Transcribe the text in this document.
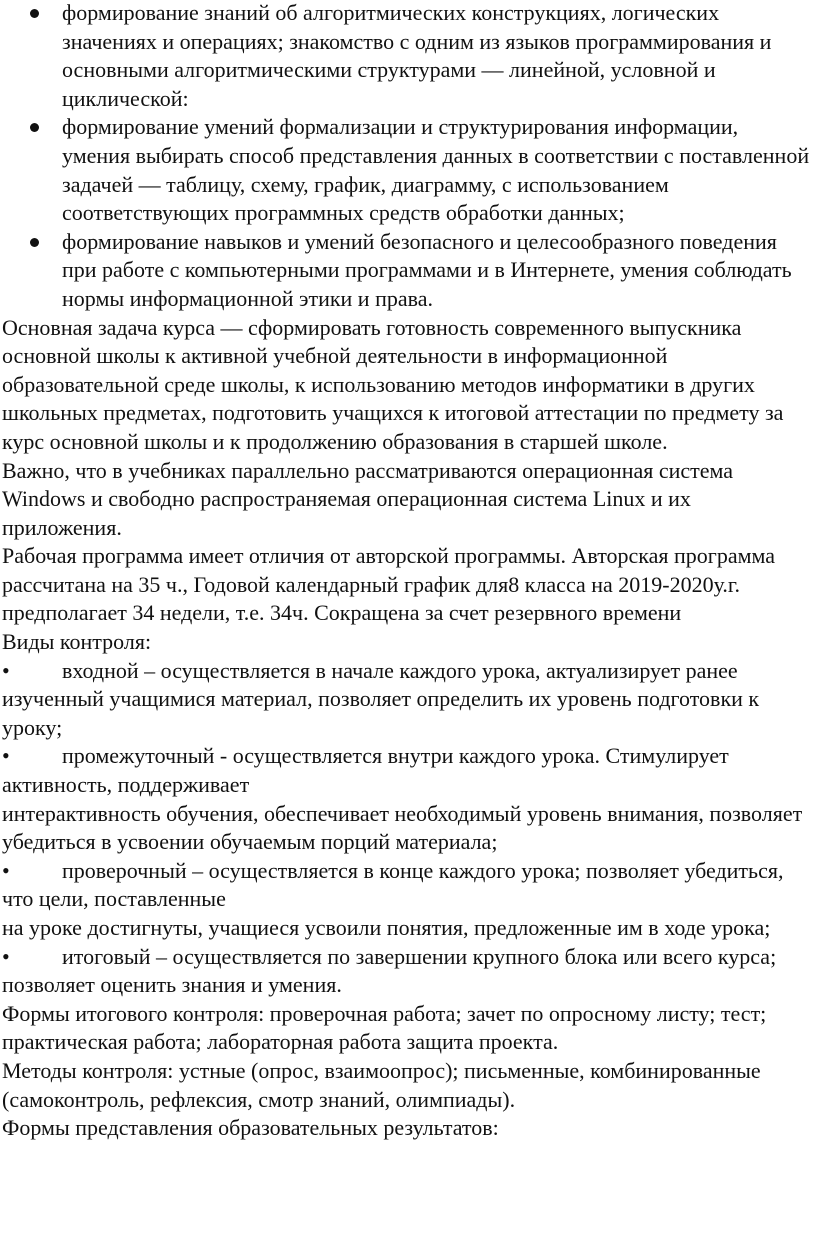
формирование знаний об алгоритмических конструкциях, логических значениях и операциях; знакомство с одним из языков программирования и основными алгоритмическими структурами — линейной, условной и циклической:
формирование умений формализации и структурирования информации, умения выбирать способ представления данных в соответствии с поставленной задачей — таблицу, схему, график, диаграмму, с использованием соответствующих программных средств обработки данных;
формирование навыков и умений безопасного и целесообразного поведения при работе с компьютерными программами и в Интернете, умения соблюдать нормы информационной этики и права.

Основная задача курса — сформировать готовность современного выпускника основной школы к активной учебной деятельности в информационной образовательной среде школы, к использованию методов информатики в других школьных предметах, подготовить учащихся к итоговой аттестации по предмету за курс основной школы и к продолжению образования в старшей школе.

Важно, что в учебниках параллельно рассматриваются операционная система Windows и свободно распространяемая операционная система Linux и их приложения.

Рабочая программа имеет отличия от авторской программы. Авторская программа рассчитана на 35 ч., Годовой календарный график для8 класса на 2019-2020у.г. предполагает 34 недели, т.е. 34ч. Сокращена за счет резервного времени

Виды контроля:

• входной – осуществляется в начале каждого урока, актуализирует ранее изученный учащимися материал, позволяет определить их уровень подготовки к уроку;

• промежуточный - осуществляется внутри каждого урока. Стимулирует активность, поддерживает

интерактивность обучения, обеспечивает необходимый уровень внимания, позволяет убедиться в усвоении обучаемым порций материала;

• проверочный – осуществляется в конце каждого урока; позволяет убедиться, что цели, поставленные

на уроке достигнуты, учащиеся усвоили понятия, предложенные им в ходе урока;

• итоговый – осуществляется по завершении крупного блока или всего курса; позволяет оценить знания и умения.

Формы итогового контроля: проверочная работа; зачет по опросному листу; тест; практическая работа; лабораторная работа защита проекта.

Методы контроля: устные (опрос, взаимоопрос); письменные, комбинированные (самоконтроль, рефлексия, смотр знаний, олимпиады).

Формы представления образовательных результатов:
